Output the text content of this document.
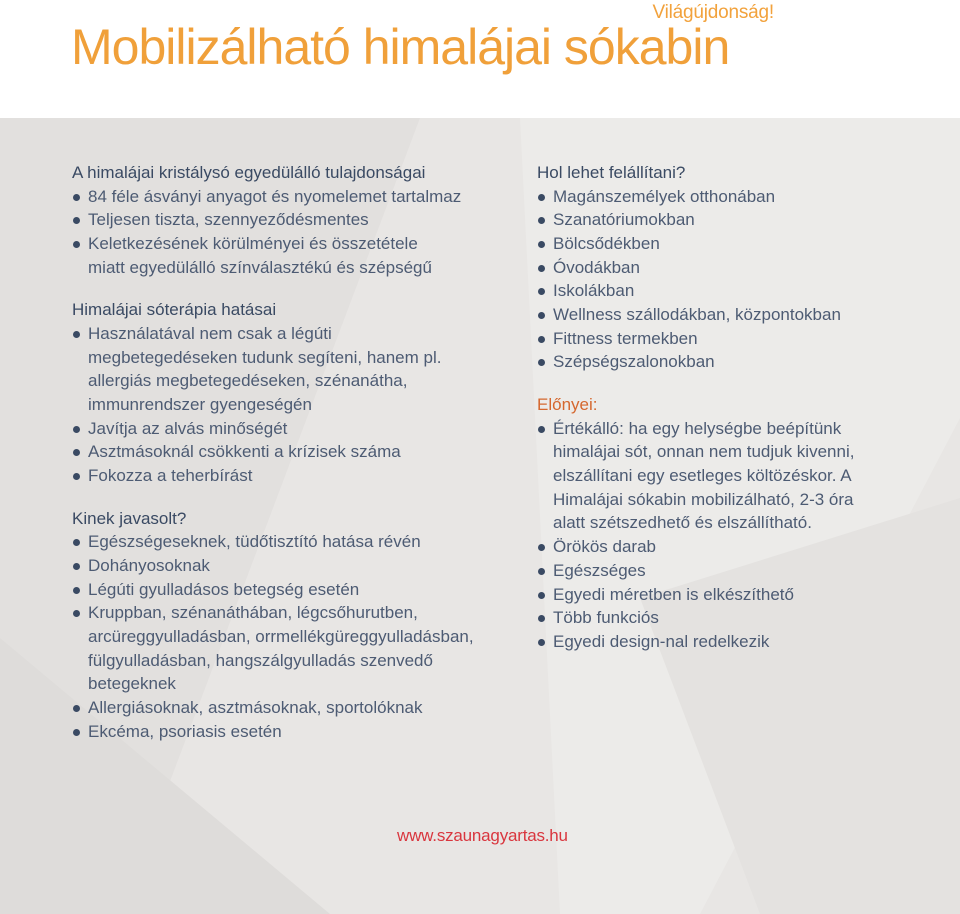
Világújdonság!
Mobilizálható himalájai sókabin
A himalájai kristálysó egyedülálló tulajdonságai
84 féle ásványi anyagot és nyomelemet tartalmaz
Teljesen tiszta, szennyeződésmentes
Keletkezésének körülményei és összetétele miatt egyedülálló színválasztékú és szépségű
Himalájai sóterápia hatásai
Használatával nem csak a légúti megbetegedéseken tudunk segíteni, hanem pl. allergiás megbetegedéseken, szénanátha, immunrendszer gyengeségén
Javítja az alvás minőségét
Asztmásoknál csökkenti a krízisek száma
Fokozza a teherbírást
Kinek javasolt?
Egészségeseknek, tüdőtisztító hatása révén
Dohányosoknak
Légúti gyulladásos betegség esetén
Kruppban, szénanáthában, légcsőhurutben, arcüreggyulladásban, orrmellékgüreggyulladásban, fülgyulladásban, hangszálgyulladás szenvedő betegeknek
Allergiásoknak, asztmásoknak, sportolóknak
Ekcéma, psoriasis esetén
Hol lehet felállítani?
Magánszemélyek otthonában
Szanatóriumokban
Bölcsődékben
Óvodákban
Iskolákban
Wellness szállodákban, központokban
Fittness termekben
Szépségszalonokban
Előnyei:
Értékálló: ha egy helységbe beépítünk himalájai sót, onnan nem tudjuk kivenni, elszállítani egy esetleges költözéskor. A Himalájai sókabin mobilizálható, 2-3 óra alatt szétszedhető és elszállítható.
Örökös darab
Egészséges
Egyedi méretben is elkészíthető
Több funkciós
Egyedi design-nal redelkezik
www.szaunagyartas.hu
